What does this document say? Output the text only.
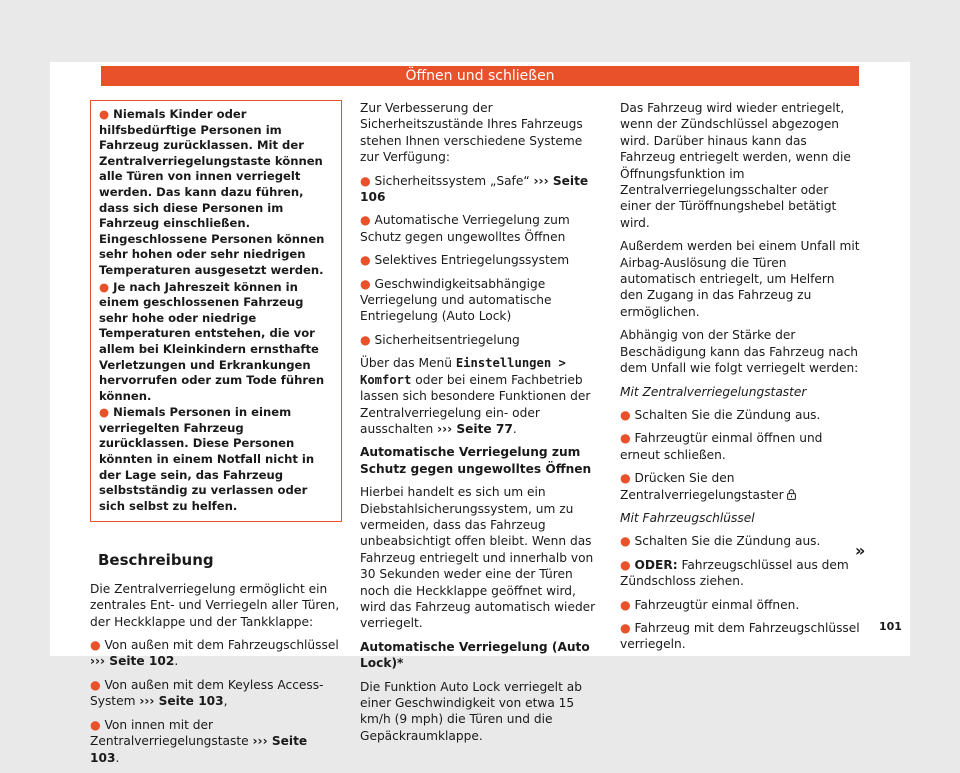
Öffnen und schließen

● Niemals Kinder oder hilfsbedürftige Personen im Fahrzeug zurücklassen. Mit der Zentralverriegelungstaste können alle Türen von innen verriegelt werden. Das kann dazu führen, dass sich diese Personen im Fahrzeug einschließen. Eingeschlossene Personen können sehr hohen oder sehr niedrigen Temperaturen ausgesetzt werden.

● Je nach Jahreszeit können in einem geschlossenen Fahrzeug sehr hohe oder niedrige Temperaturen entstehen, die vor allem bei Kleinkindern ernsthafte Verletzungen und Erkrankungen hervorrufen oder zum Tode führen können.

● Niemals Personen in einem verriegelten Fahrzeug zurücklassen. Diese Personen könnten in einem Notfall nicht in der Lage sein, das Fahrzeug selbstständig zu verlassen oder sich selbst zu helfen.

Beschreibung

Die Zentralverriegelung ermöglicht ein zentrales Ent- und Verriegeln aller Türen, der Heckklappe und der Tankklappe:

● Von außen mit dem Fahrzeugschlüssel ››› Seite 102.

● Von außen mit dem Keyless Access-System ››› Seite 103,

● Von innen mit der Zentralverriegelungstaste ››› Seite 103.

Zur Verbesserung der Sicherheitszustände Ihres Fahrzeugs stehen Ihnen verschiedene Systeme zur Verfügung:

● Sicherheitssystem „Safe“ ››› Seite 106

● Automatische Verriegelung zum Schutz gegen ungewolltes Öffnen

● Selektives Entriegelungssystem

● Geschwindigkeitsabhängige Verriegelung und automatische Entriegelung (Auto Lock)

● Sicherheitsentriegelung

Über das Menü Einstellungen > Komfort oder bei einem Fachbetrieb lassen sich besondere Funktionen der Zentralverriegelung ein- oder ausschalten ››› Seite 77.

Automatische Verriegelung zum Schutz gegen ungewolltes Öffnen

Hierbei handelt es sich um ein Diebstahlsicherungssystem, um zu vermeiden, dass das Fahrzeug unbeabsichtigt offen bleibt. Wenn das Fahrzeug entriegelt und innerhalb von 30 Sekunden weder eine der Türen noch die Heckklappe geöffnet wird, wird das Fahrzeug automatisch wieder verriegelt.

Automatische Verriegelung (Auto Lock)*

Die Funktion Auto Lock verriegelt ab einer Geschwindigkeit von etwa 15 km/h (9 mph) die Türen und die Gepäckraumklappe.

Das Fahrzeug wird wieder entriegelt, wenn der Zündschlüssel abgezogen wird. Darüber hinaus kann das Fahrzeug entriegelt werden, wenn die Öffnungsfunktion im Zentralverriegelungsschalter oder einer der Türöffnungshebel betätigt wird.

Außerdem werden bei einem Unfall mit Airbag-Auslösung die Türen automatisch entriegelt, um Helfern den Zugang in das Fahrzeug zu ermöglichen.

Abhängig von der Stärke der Beschädigung kann das Fahrzeug nach dem Unfall wie folgt verriegelt werden:

Mit Zentralverriegelungstaster

● Schalten Sie die Zündung aus.

● Fahrzeugtür einmal öffnen und erneut schließen.

● Drücken Sie den Zentralverriegelungstaster

Mit Fahrzeugschlüssel

● Schalten Sie die Zündung aus.

● ODER: Fahrzeugschlüssel aus dem Zündschloss ziehen.

● Fahrzeugtür einmal öffnen.

● Fahrzeug mit dem Fahrzeugschlüssel verriegeln.

»
101
